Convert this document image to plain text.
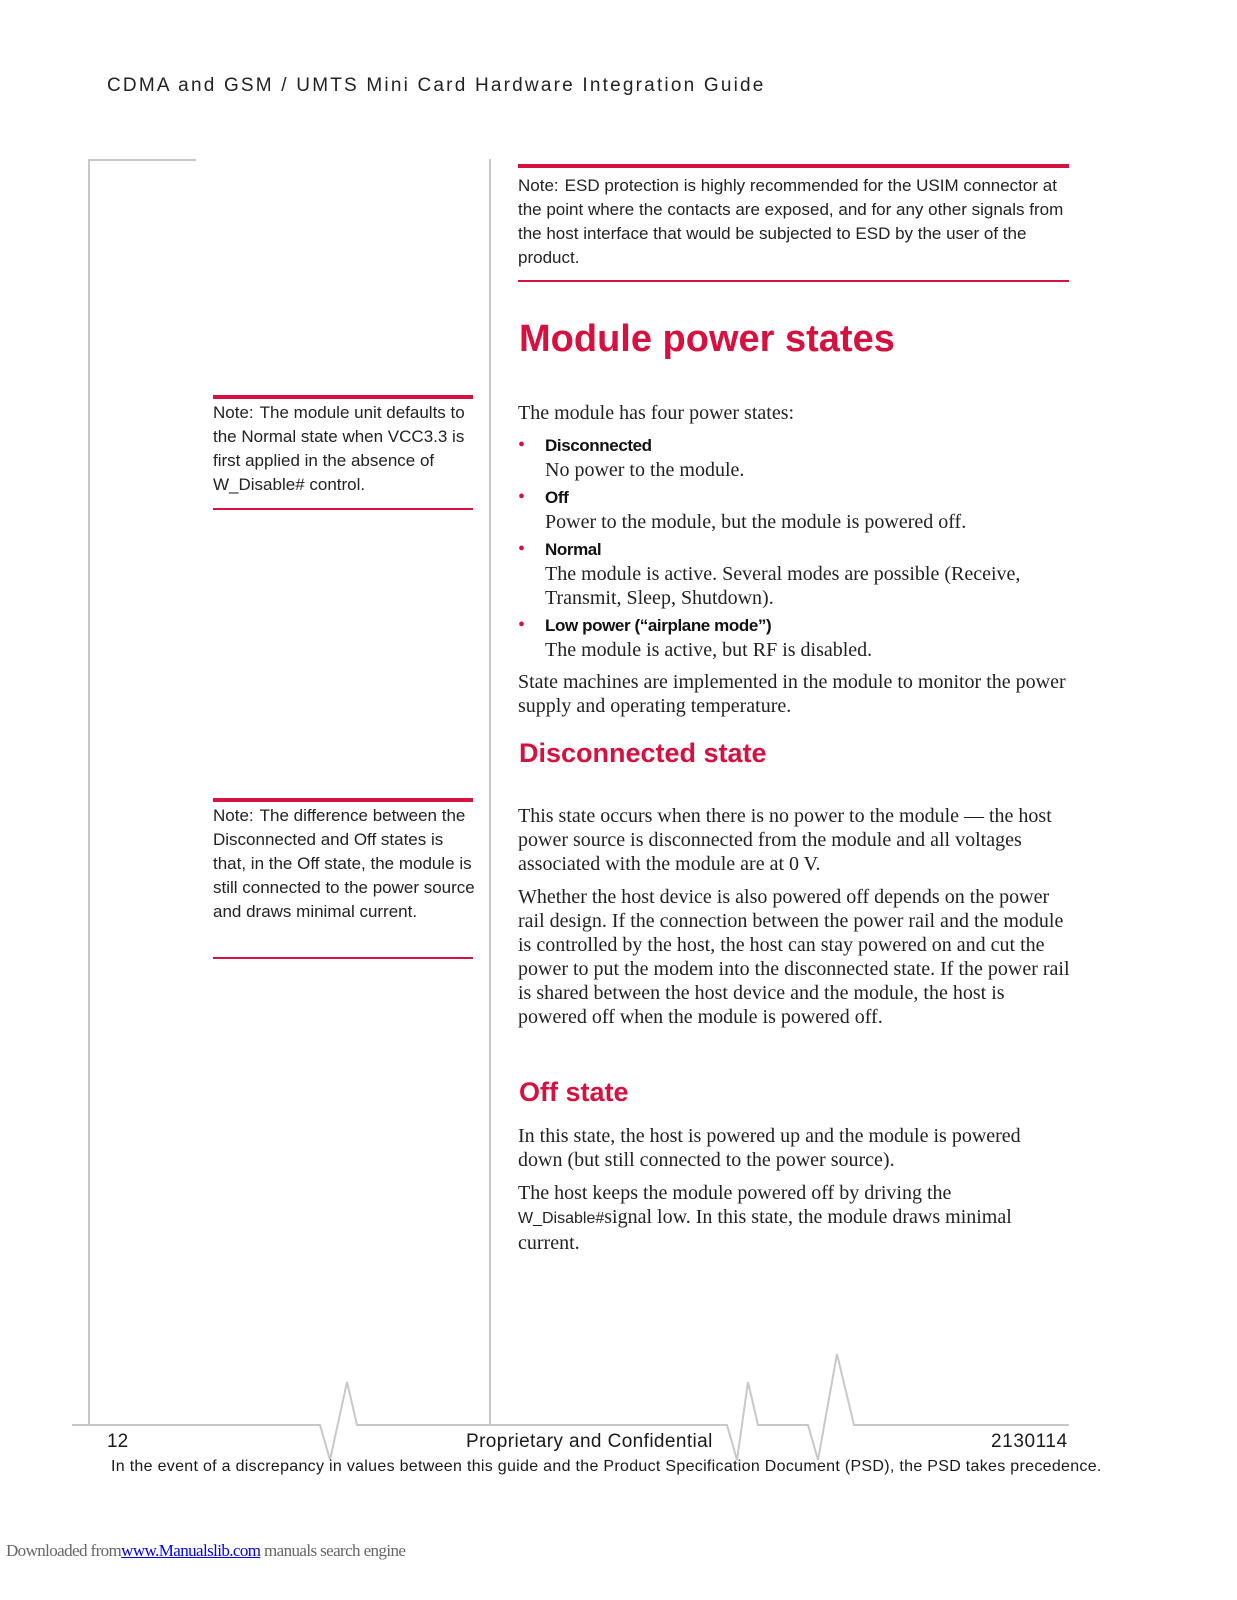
CDMA and GSM / UMTS Mini Card Hardware Integration Guide
Note: ESD protection is highly recommended for the USIM connector at the point where the contacts are exposed, and for any other signals from the host interface that would be subjected to ESD by the user of the product.
Module power states
Note: The module unit defaults to the Normal state when VCC3.3 is first applied in the absence of W_Disable# control.

The module has four power states:

• Disconnected
No power to the module.
• Off
Power to the module, but the module is powered off.
• Normal
The module is active. Several modes are possible (Receive, Transmit, Sleep, Shutdown).
• Low power (“airplane mode”)
The module is active, but RF is disabled.

State machines are implemented in the module to monitor the power supply and operating temperature.

Disconnected state
Note: The difference between the Disconnected and Off states is that, in the Off state, the module is still connected to the power source and draws minimal current.

This state occurs when there is no power to the module — the host power source is disconnected from the module and all voltages associated with the module are at 0 V.

Whether the host device is also powered off depends on the power rail design. If the connection between the power rail and the module is controlled by the host, the host can stay powered on and cut the power to put the modem into the disconnected state. If the power rail is shared between the host device and the module, the host is powered off when the module is powered off.

Off state

In this state, the host is powered up and the module is powered down (but still connected to the power source).

The host keeps the module powered off by driving the W_Disable#signal low. In this state, the module draws minimal current.

12	Proprietary and Confidential	2130114
In the event of a discrepancy in values between this guide and the Product Specification Document (PSD), the PSD takes precedence.
Downloaded fromwww.Manualslib.com manuals search engine
